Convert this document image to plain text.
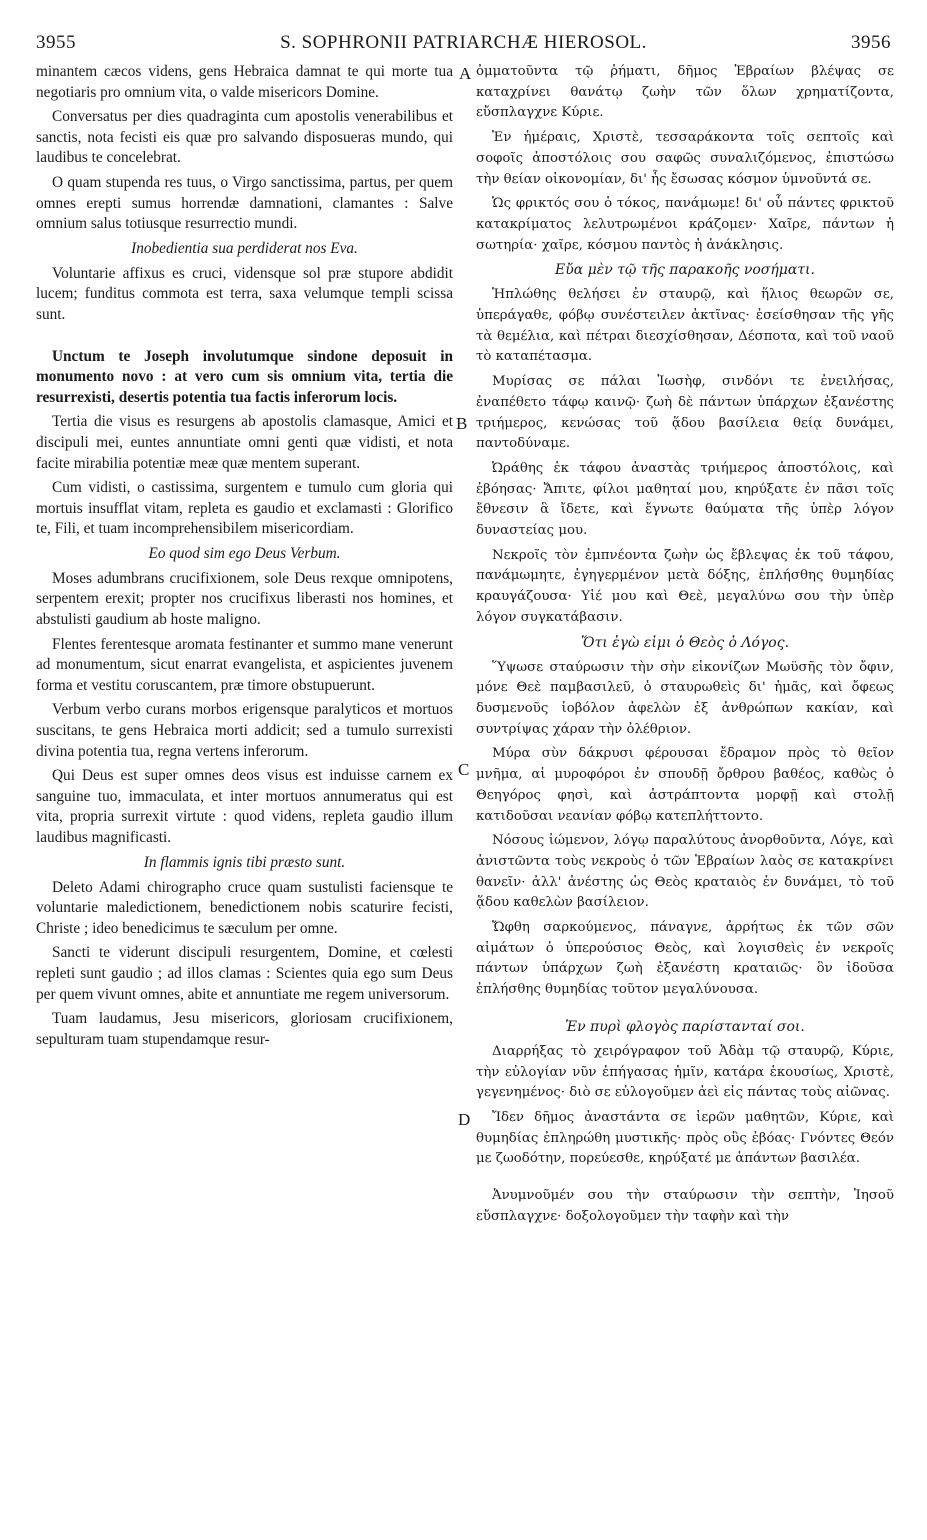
3955	S. SOPHRONII PATRIARCHÆ HIEROSOL.	3956
A
B
C
D

minantem cæcos videns, gens Hebraica damnat te qui morte tua negotiaris pro omnium vita, o valde misericors Domine.

Conversatus per dies quadraginta cum apostolis venerabilibus et sanctis, nota fecisti eis quæ pro salvando disposueras mundo, qui laudibus te concelebrat.

O quam stupenda res tuus, o Virgo sanctissima, partus, per quem omnes erepti sumus horrendæ damnationi, clamantes : Salve omnium salus totiusque resurrectio mundi.

Inobedientia sua perdiderat nos Eva.

Voluntarie affixus es cruci, vidensque sol præ stupore abdidit lucem; funditus commota est terra, saxa velumque templi scissa sunt.

Unctum te Joseph involutumque sindone deposuit in monumento novo : at vero cum sis omnium vita, tertia die resurrexisti, desertis potentia tua factis inferorum locis.

Tertia die visus es resurgens ab apostolis clamasque, Amici et discipuli mei, euntes annuntiate omni genti quæ vidisti, et nota facite mirabilia potentiæ meæ quæ mentem superant.

Cum vidisti, o castissima, surgentem e tumulo cum gloria qui mortuis insufflat vitam, repleta es gaudio et exclamasti : Glorifico te, Fili, et tuam incomprehensibilem misericordiam.

Eo quod sim ego Deus Verbum.

Moses adumbrans crucifixionem, sole Deus rexque omnipotens, serpentem erexit; propter nos crucifixus liberasti nos homines, et abstulisti gaudium ab hoste maligno.

Flentes ferentesque aromata festinanter et summo mane venerunt ad monumentum, sicut enarrat evangelista, et aspicientes juvenem forma et vestitu coruscantem, præ timore obstupuerunt.

Verbum verbo curans morbos erigensque paralyticos et mortuos suscitans, te gens Hebraica morti addicit; sed a tumulo surrexisti divina potentia tua, regna vertens inferorum.

Qui Deus est super omnes deos visus est induisse carnem ex sanguine tuo, immaculata, et inter mortuos annumeratus qui est vita, propria surrexit virtute : quod videns, repleta gaudio illum laudibus magnificasti.

In flammis ignis tibi præsto sunt.

Deleto Adami chirographo cruce quam sustulisti faciensque te voluntarie maledictionem, benedictionem nobis scaturire fecisti, Christe ; ideo benedicimus te sæculum per omne.

Sancti te viderunt discipuli resurgentem, Domine, et cœlesti repleti sunt gaudio ; ad illos clamas : Scientes quia ego sum Deus per quem vivunt omnes, abite et annuntiate me regem universorum.

Tuam laudamus, Jesu misericors, gloriosam crucifixionem, sepulturam tuam stupendamque resur-

ὀμματοῦντα τῷ ῥήματι, δῆμος Ἑβραίων βλέψας σε καταχρίνει θανάτῳ ζωὴν τῶν ὅλων χρηματίζοντα, εὔσπλαγχνε Κύριε.

Ἐν ἡμέραις, Χριστὲ, τεσσαράκοντα τοῖς σεπτοῖς καὶ σοφοῖς ἀποστόλοις σου σαφῶς συναλιζόμενος, ἐπιστώσω τὴν θείαν οἰκονομίαν, δι' ἧς ἔσωσας κόσμον ὑμνοῦντά σε.

Ὡς φρικτός σου ὁ τόκος, πανάμωμε! δι' οὗ πάντες φρικτοῦ κατακρίματος λελυτρωμένοι κράζομεν· Χαῖρε, πάντων ἡ σωτηρία· χαῖρε, κόσμου παντὸς ἡ ἀνάκλησις.

Εὔα μὲν τῷ τῆς παρακοῆς νοσήματι.

Ἡπλώθης θελήσει ἐν σταυρῷ, καὶ ἥλιος θεωρῶν σε, ὑπεράγαθε, φόβῳ συνέστειλεν ἀκτῖνας· ἐσείσθησαν τῆς γῆς τὰ θεμέλια, καὶ πέτραι διεσχίσθησαν, Δέσποτα, καὶ τοῦ ναοῦ τὸ καταπέτασμα.

Μυρίσας σε πάλαι Ἰωσὴφ, σινδόνι τε ἐνειλήσας, ἐναπέθετο τάφῳ καινῷ· ζωὴ δὲ πάντων ὑπάρχων ἐξανέστης τριήμερος, κενώσας τοῦ ᾅδου βασίλεια θείᾳ δυνάμει, παντοδύναμε.

Ὠράθης ἐκ τάφου ἀναστὰς τριήμερος ἀποστόλοις, καὶ ἐβόησας· Ἄπιτε, φίλοι μαθηταί μου, κηρύξατε ἐν πᾶσι τοῖς ἔθνεσιν ἃ ἴδετε, καὶ ἔγνωτε θαύματα τῆς ὑπὲρ λόγον δυναστείας μου.

Νεκροῖς τὸν ἐμπνέοντα ζωὴν ὡς ἔβλεψας ἐκ τοῦ τάφου, πανάμωμητε, ἐγηγερμένον μετὰ δόξης, ἐπλήσθης θυμηδίας κραυγάζουσα· Υἱέ μου καὶ Θεὲ, μεγαλύνω σου τὴν ὑπὲρ λόγον συγκατάβασιν.

Ὅτι ἐγὼ εἰμι ὁ Θεὸς ὁ Λόγος.

Ὕψωσε σταύρωσιν τὴν σὴν εἰκονίζων Μωϋσῆς τὸν ὄφιν, μόνε Θεὲ παμβασιλεῦ, ὁ σταυρωθεὶς δι' ἡμᾶς, καὶ ὄφεως δυσμενοῦς ἰοβόλον ἀφελὼν ἐξ ἀνθρώπων κακίαν, καὶ συντρίψας χάραν τὴν ὀλέθριον.

Μύρα σὺν δάκρυσι φέρουσαι ἔδραμον πρὸς τὸ θεῖον μνῆμα, αἱ μυροφόροι ἐν σπουδῇ ὄρθρου βαθέος, καθὼς ὁ Θεηγόρος φησὶ, καὶ ἀστράπτοντα μορφῇ καὶ στολῇ κατιδοῦσαι νεανίαν φόβῳ κατεπλήττοντο.

Νόσους ἰώμενον, λόγῳ παραλύτους ἀνορθοῦντα, Λόγε, καὶ ἀνιστῶντα τοὺς νεκροὺς ὁ τῶν Ἑβραίων λαὸς σε κατακρίνει θανεῖν· ἀλλ' ἀνέστης ὡς Θεὸς κραταιὸς ἐν δυνάμει, τὸ τοῦ ᾅδου καθελὼν βασίλειον.

Ὤφθη σαρκούμενος, πάναγνε, ἀρρήτως ἐκ τῶν σῶν αἱμάτων ὁ ὑπερούσιος Θεὸς, καὶ λογισθεὶς ἐν νεκροῖς πάντων ὑπάρχων ζωὴ ἐξανέστη κραταιῶς· ὃν ἰδοῦσα ἐπλήσθης θυμηδίας τοῦτον μεγαλύνουσα.

Ἐν πυρὶ φλογὸς παρίστανταί σοι.

Διαρρήξας τὸ χειρόγραφον τοῦ Ἀδὰμ τῷ σταυρῷ, Κύριε, τὴν εὐλογίαν νῦν ἐπήγασας ἡμῖν, κατάρα ἑκουσίως, Χριστὲ, γεγενημένος· διὸ σε εὐλογοῦμεν ἀεὶ εἰς πάντας τοὺς αἰῶνας.

Ἴδεν δῆμος ἀναστάντα σε ἱερῶν μαθητῶν, Κύριε, καὶ θυμηδίας ἐπληρώθη μυστικῆς· πρὸς οὓς ἐβόας· Γνόντες Θεόν με ζωοδότην, πορεύεσθε, κηρύξατέ με ἁπάντων βασιλέα.

Ἀνυμνοῦμέν σου τὴν σταύρωσιν τὴν σεπτὴν, Ἰησοῦ εὔσπλαγχνε· δοξολογοῦμεν τὴν ταφὴν καὶ τὴν
